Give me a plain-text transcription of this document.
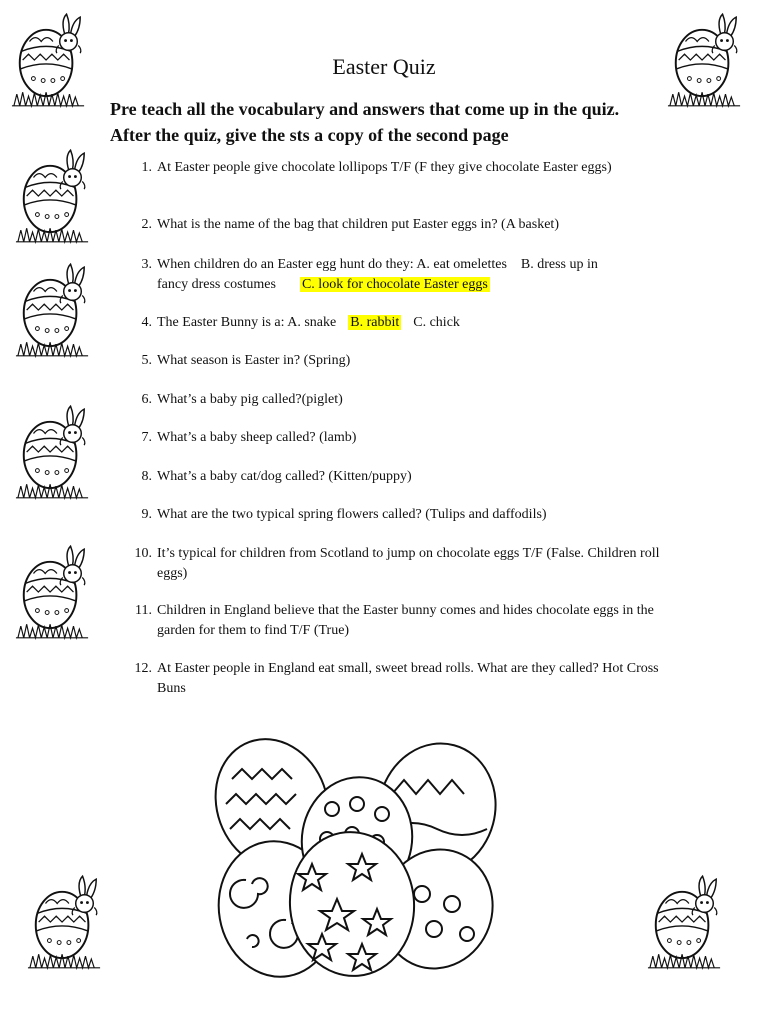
Easter Quiz
Pre teach all the vocabulary and answers that come up in the quiz.
After the quiz, give the sts a copy of the second page
1. At Easter people give chocolate lollipops T/F (F they give chocolate Easter eggs)
2. What is the name of the bag that children put Easter eggs in? (A basket)
3. When children do an Easter egg hunt do they: A. eat omelettes    B. dress up in
fancy dress costumes C. look for chocolate Easter eggs
4. The Easter Bunny is a: A. snake B. rabbit C. chick
5. What season is Easter in? (Spring)
6. What’s a baby pig called?(piglet)
7. What’s a baby sheep called? (lamb)
8. What’s a baby cat/dog called? (Kitten/puppy)
9. What are the two typical spring flowers called? (Tulips and daffodils)
10. It’s typical for children from Scotland to jump on chocolate eggs T/F (False. Children roll eggs)
11. Children in England believe that the Easter bunny comes and hides chocolate eggs in the garden for them to find T/F (True)
12. At Easter people in England eat small, sweet bread rolls. What are they called? Hot Cross Buns
